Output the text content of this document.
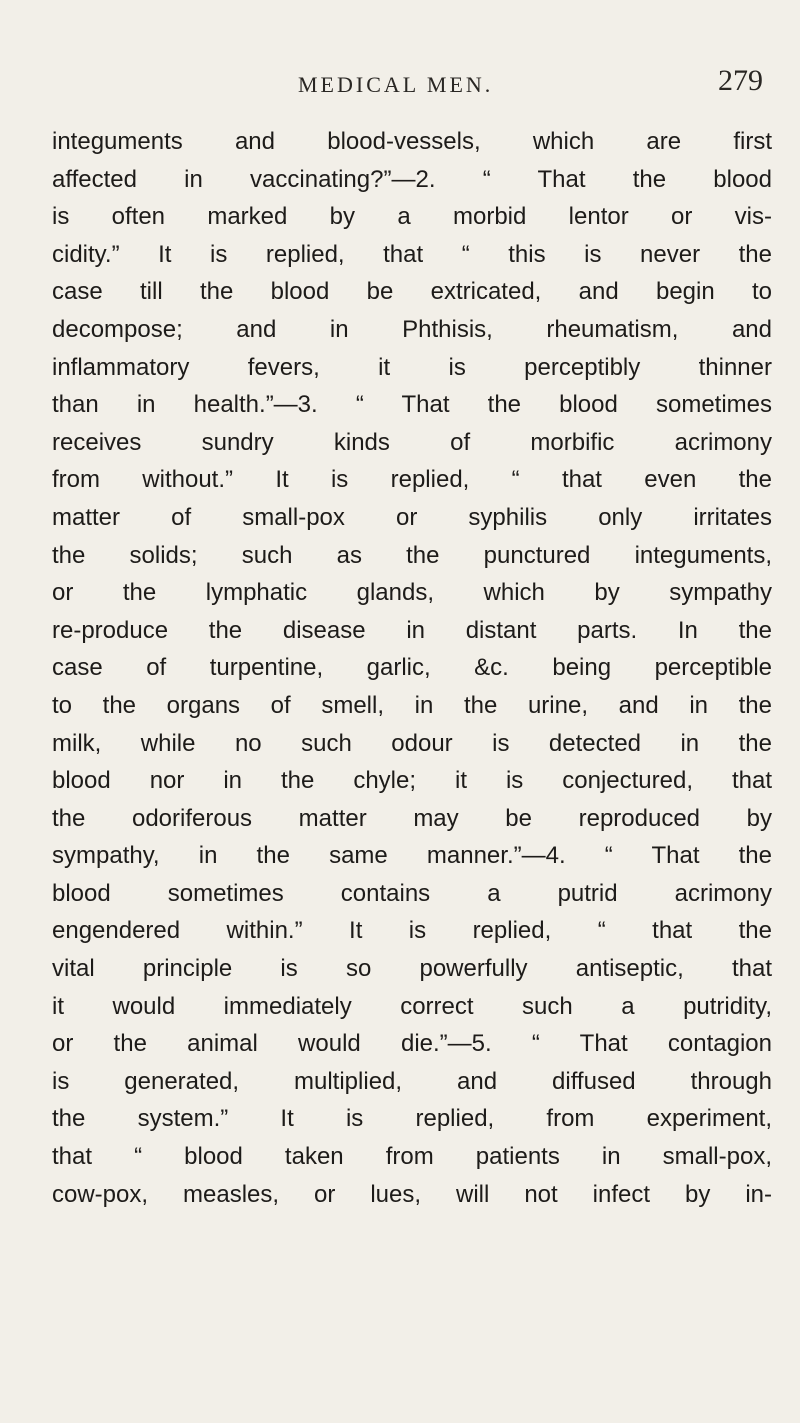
MEDICAL MEN.	279
integuments and blood-vessels, which are first
affected in vaccinating?”—2. “ That the blood
is often marked by a morbid lentor or vis-
cidity.” It is replied, that “ this is never the
case till the blood be extricated, and begin to
decompose; and in Phthisis, rheumatism, and
inflammatory fevers, it is perceptibly thinner
than in health.”—3. “ That the blood sometimes
receives sundry kinds of morbific acrimony
from without.” It is replied, “ that even the
matter of small-pox or syphilis only irritates
the solids; such as the punctured integuments,
or the lymphatic glands, which by sympathy
re-produce the disease in distant parts. In the
case of turpentine, garlic, &c. being perceptible
to the organs of smell, in the urine, and in the
milk, while no such odour is detected in the
blood nor in the chyle; it is conjectured, that
the odoriferous matter may be reproduced by
sympathy, in the same manner.”—4. “ That the
blood sometimes contains a putrid acrimony
engendered within.” It is replied, “ that the
vital principle is so powerfully antiseptic, that
it would immediately correct such a putridity,
or the animal would die.”—5. “ That contagion
is generated, multiplied, and diffused through
the system.” It is replied, from experiment,
that “ blood taken from patients in small-pox,
cow-pox, measles, or lues, will not infect by in-
